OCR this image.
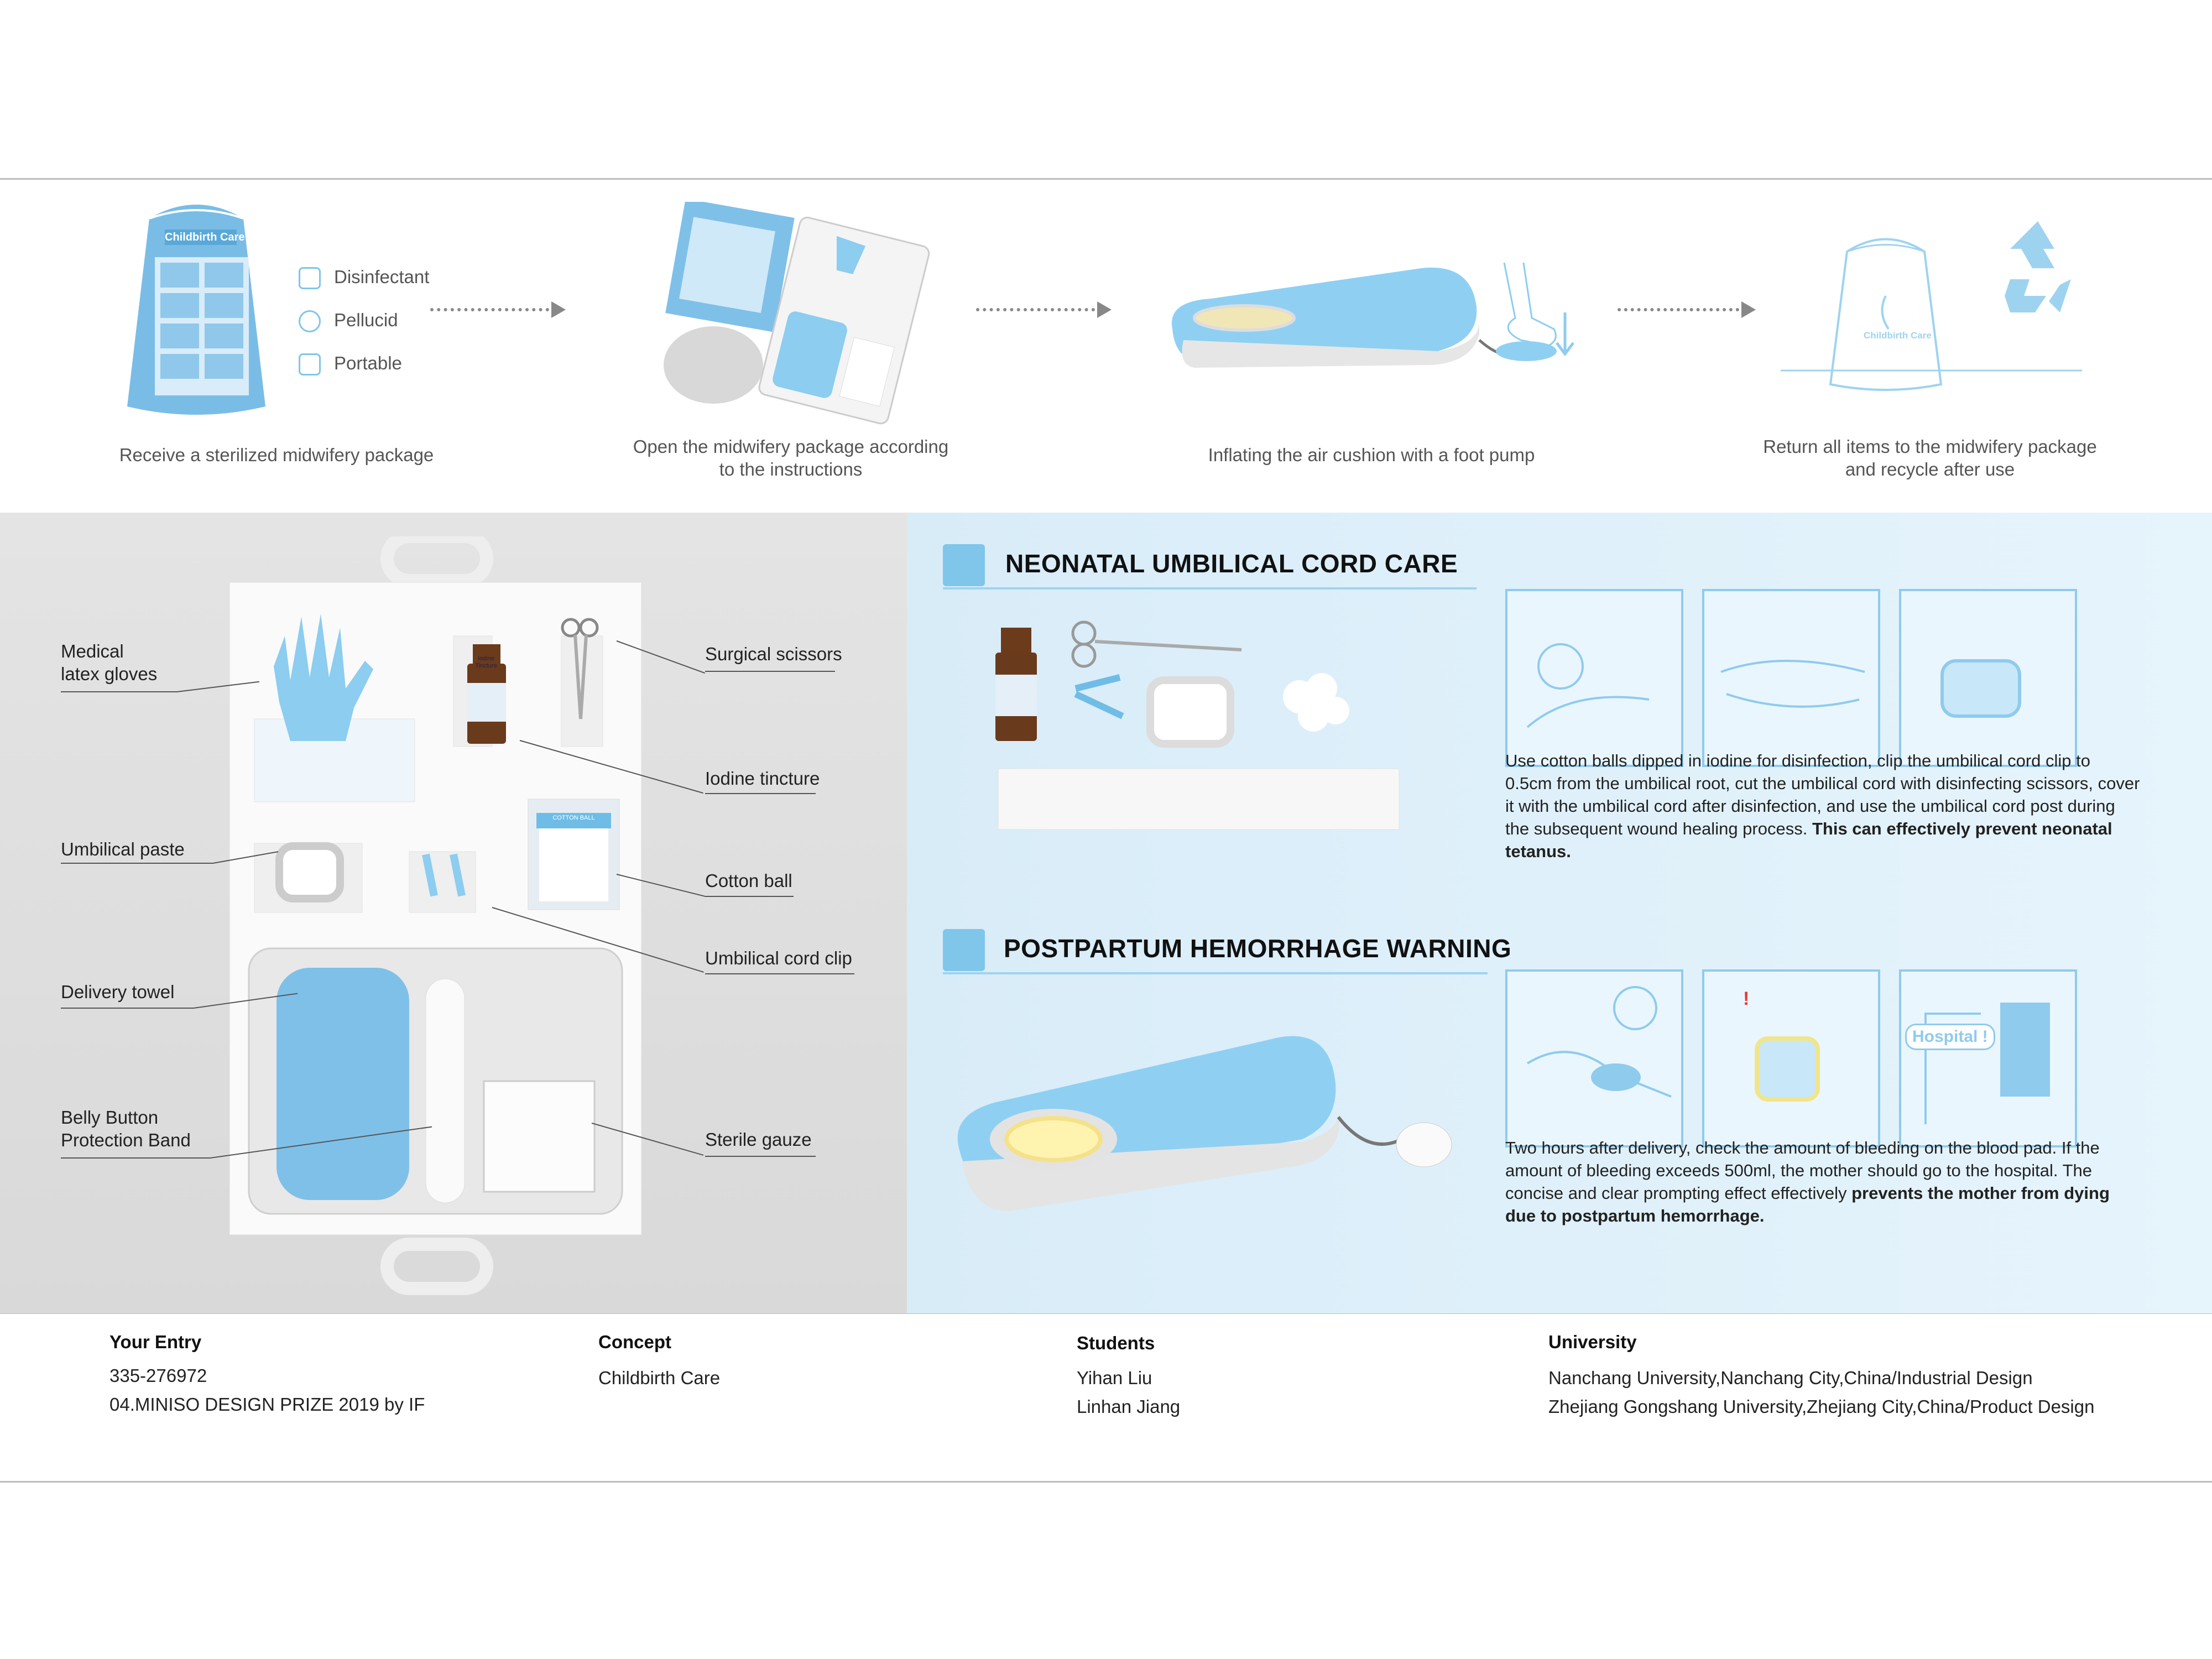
Childbirth Care
Disinfectant
Pellucid
Portable
Receive a sterilized midwifery package	Open the midwifery package according
to the instructions
Inflating the air cushion with a foot pump
Childbirth Care
Return all items to the midwifery package
and recycle after use
Iodine Tincture
COTTON BALL
Medical
latex gloves
Umbilical paste
Delivery towel
Belly Button
Protection Band
Surgical scissors
Iodine tincture
Cotton ball
Umbilical cord clip
Sterile gauze
NEONATAL UMBILICAL CORD CARE
Use cotton balls dipped in iodine for disinfection, clip the umbilical cord clip to 0.5cm from the umbilical root, cut the umbilical cord with disinfecting scissors, cover it with the umbilical cord after disinfection, and use the umbilical cord post during the subsequent wound healing process. This can effectively prevent neonatal tetanus.
POSTPARTUM HEMORRHAGE WARNING
!
Hospital !
Two hours after delivery, check the amount of bleeding on the blood pad. If the amount of bleeding exceeds 500ml, the mother should go to the hospital. The concise and clear prompting effect effectively prevents the mother from dying due to postpartum hemorrhage.
Your Entry
335-276972
04.MINISO DESIGN PRIZE 2019 by IF
Concept
Childbirth Care
Students
Yihan Liu
Linhan Jiang
University
Nanchang University,Nanchang City,China/Industrial Design
Zhejiang Gongshang University,Zhejiang City,China/Product Design
